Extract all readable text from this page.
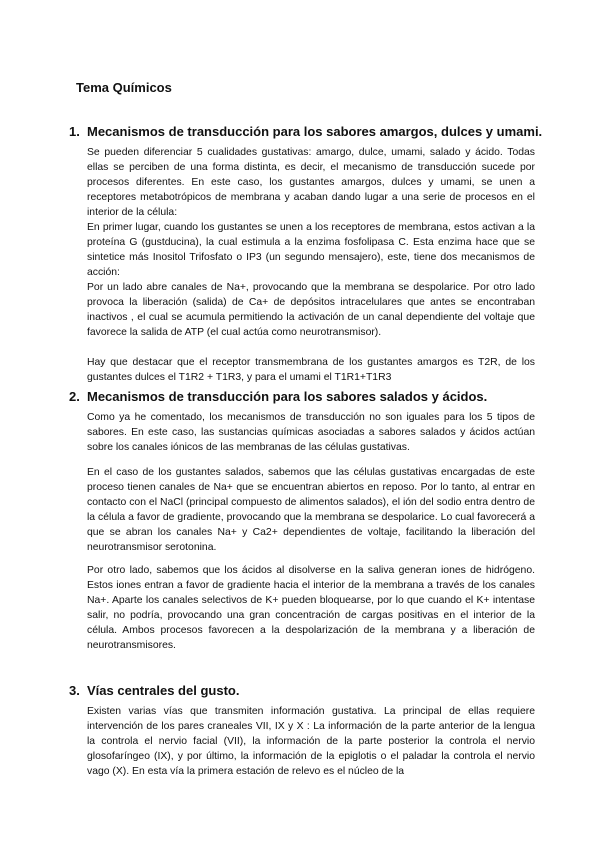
Tema Químicos
1. Mecanismos de transducción para los sabores amargos, dulces y umami.

Se pueden diferenciar 5 cualidades gustativas: amargo, dulce, umami, salado y ácido. Todas ellas se perciben de una forma distinta, es decir, el mecanismo de transducción sucede por procesos diferentes. En este caso, los gustantes amargos, dulces y umami, se unen a receptores metabotrópicos de membrana y acaban dando lugar a una serie de procesos en el interior de la célula:

En primer lugar, cuando los gustantes se unen a los receptores de membrana, estos activan a la proteína G (gustducina), la cual estimula a la enzima fosfolipasa C. Esta enzima hace que se sintetice más Inositol Trifosfato o IP3 (un segundo mensajero), este, tiene dos mecanismos de acción:

Por un lado abre canales de Na+, provocando que la membrana se despolarice. Por otro lado provoca la liberación (salida) de Ca+ de depósitos intracelulares que antes se encontraban inactivos , el cual se acumula permitiendo la activación de un canal dependiente del voltaje que favorece la salida de ATP (el cual actúa como neurotransmisor).

Hay que destacar que el receptor transmembrana de los gustantes amargos es T2R, de los gustantes dulces el T1R2 + T1R3, y para el umami el T1R1+T1R3

2. Mecanismos de transducción para los sabores salados y ácidos.

Como ya he comentado, los mecanismos de transducción no son iguales para los 5 tipos de sabores. En este caso, las sustancias químicas asociadas a sabores salados y ácidos actúan sobre los canales iónicos de las membranas de las células gustativas.

En el caso de los gustantes salados, sabemos que las células gustativas encargadas de este proceso tienen canales de Na+ que se encuentran abiertos en reposo. Por lo tanto, al entrar en contacto con el NaCl (principal compuesto de alimentos salados), el ión del sodio entra dentro de la célula a favor de gradiente, provocando que la membrana se despolarice. Lo cual favorecerá a que se abran los canales Na+ y Ca2+ dependientes de voltaje, facilitando la liberación del neurotransmisor serotonina.

Por otro lado, sabemos que los ácidos al disolverse en la saliva generan iones de hidrógeno. Estos iones entran a favor de gradiente hacia el interior de la membrana a través de los canales Na+. Aparte los canales selectivos de K+ pueden bloquearse, por lo que cuando el K+ intentase salir, no podría, provocando una gran concentración de cargas positivas en el interior de la célula. Ambos procesos favorecen a la despolarización de la membrana y a liberación de neurotransmisores.

3. Vías centrales del gusto.

Existen varias vías que transmiten información gustativa. La principal de ellas requiere intervención de los pares craneales VII, IX y X : La información de la parte anterior de la lengua la controla el nervio facial (VII), la información de la parte posterior la controla el nervio glosofaríngeo (IX), y por último, la información de la epiglotis o el paladar la controla el nervio vago (X). En esta vía la primera estación de relevo es el núcleo de la
